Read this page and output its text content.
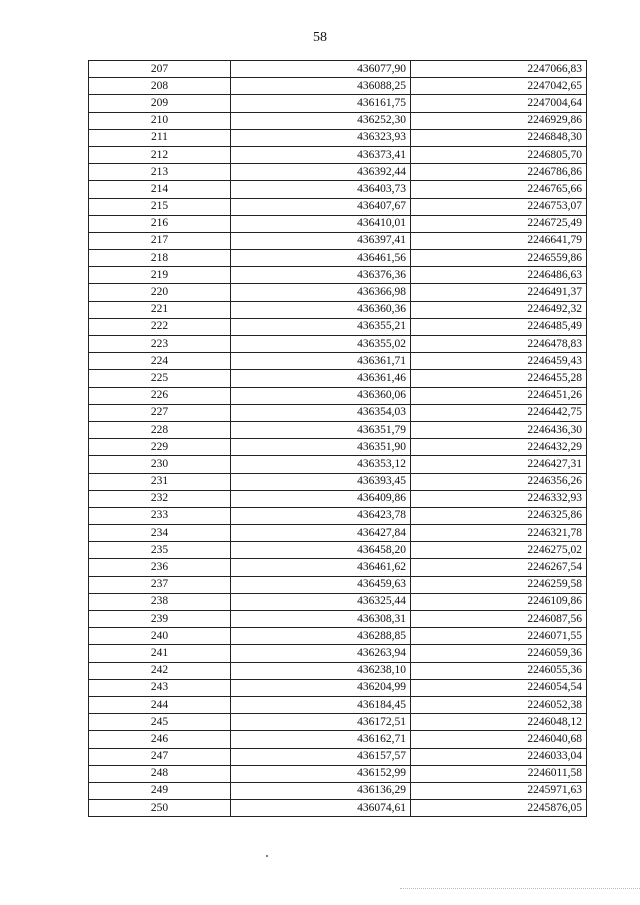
58
207	436077,90	2247066,83
208	436088,25	2247042,65
209	436161,75	2247004,64
210	436252,30	2246929,86
211	436323,93	2246848,30
212	436373,41	2246805,70
213	436392,44	2246786,86
214	436403,73	2246765,66
215	436407,67	2246753,07
216	436410,01	2246725,49
217	436397,41	2246641,79
218	436461,56	2246559,86
219	436376,36	2246486,63
220	436366,98	2246491,37
221	436360,36	2246492,32
222	436355,21	2246485,49
223	436355,02	2246478,83
224	436361,71	2246459,43
225	436361,46	2246455,28
226	436360,06	2246451,26
227	436354,03	2246442,75
228	436351,79	2246436,30
229	436351,90	2246432,29
230	436353,12	2246427,31
231	436393,45	2246356,26
232	436409,86	2246332,93
233	436423,78	2246325,86
234	436427,84	2246321,78
235	436458,20	2246275,02
236	436461,62	2246267,54
237	436459,63	2246259,58
238	436325,44	2246109,86
239	436308,31	2246087,56
240	436288,85	2246071,55
241	436263,94	2246059,36
242	436238,10	2246055,36
243	436204,99	2246054,54
244	436184,45	2246052,38
245	436172,51	2246048,12
246	436162,71	2246040,68
247	436157,57	2246033,04
248	436152,99	2246011,58
249	436136,29	2245971,63
250	436074,61	2245876,05
